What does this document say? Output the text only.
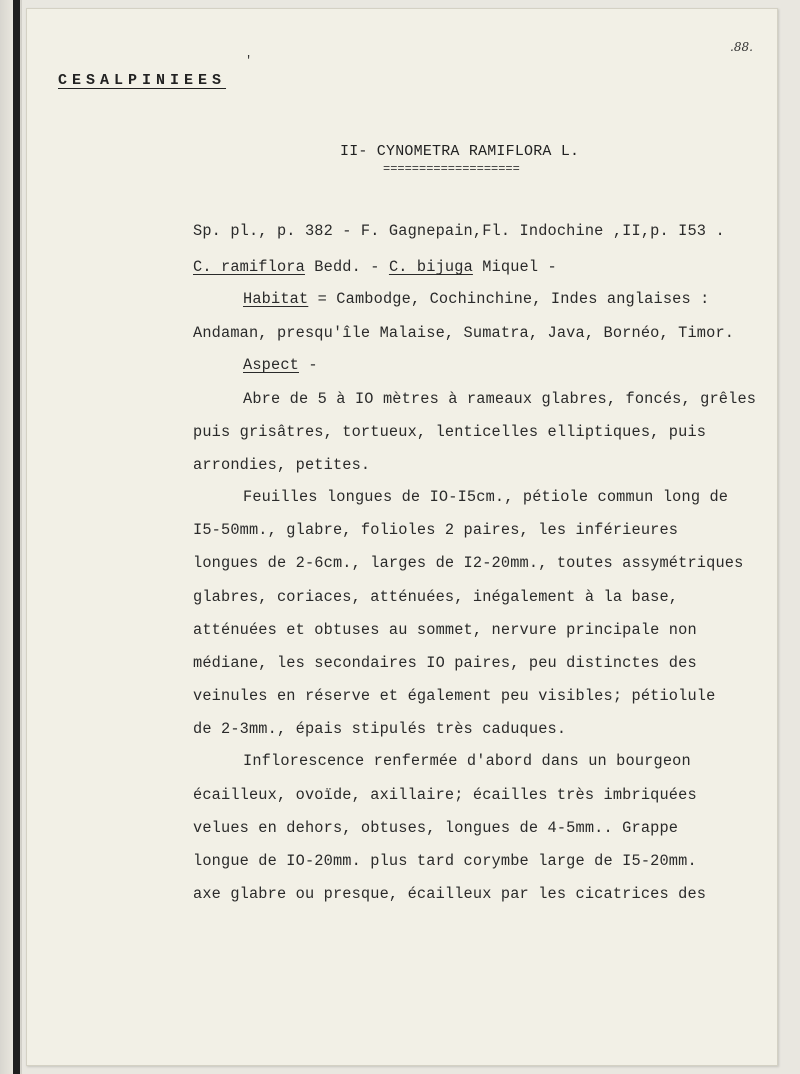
.88.
'
CESALPINIEES
II- CYNOMETRA RAMIFLORA L.
===================
Sp. pl., p. 382 - F. Gagnepain,Fl. Indochine ,II,p. I53 .
C. ramiflora Bedd. - C. bijuga Miquel -
Habitat = Cambodge, Cochinchine, Indes anglaises :
Andaman, presqu'île Malaise, Sumatra, Java, Bornéo, Timor.
Aspect -
Abre de 5 à IO mètres à rameaux glabres, foncés, grêles
puis grisâtres, tortueux, lenticelles elliptiques, puis
arrondies, petites.
Feuilles longues de IO-I5cm., pétiole commun long de
I5-50mm., glabre, folioles 2 paires, les inférieures
longues de 2-6cm., larges de I2-20mm., toutes assymétriques
glabres, coriaces, atténuées, inégalement à la base,
atténuées et obtuses au sommet, nervure principale non
médiane, les secondaires IO paires, peu distinctes des
veinules en réserve et également peu visibles; pétiolule
de 2-3mm., épais stipulés très caduques.
Inflorescence renfermée d'abord dans un bourgeon
écailleux, ovoïde, axillaire; écailles très imbriquées
velues en dehors, obtuses, longues de 4-5mm.. Grappe
longue de IO-20mm. plus tard corymbe large de I5-20mm.
axe glabre ou presque, écailleux par les cicatrices des
